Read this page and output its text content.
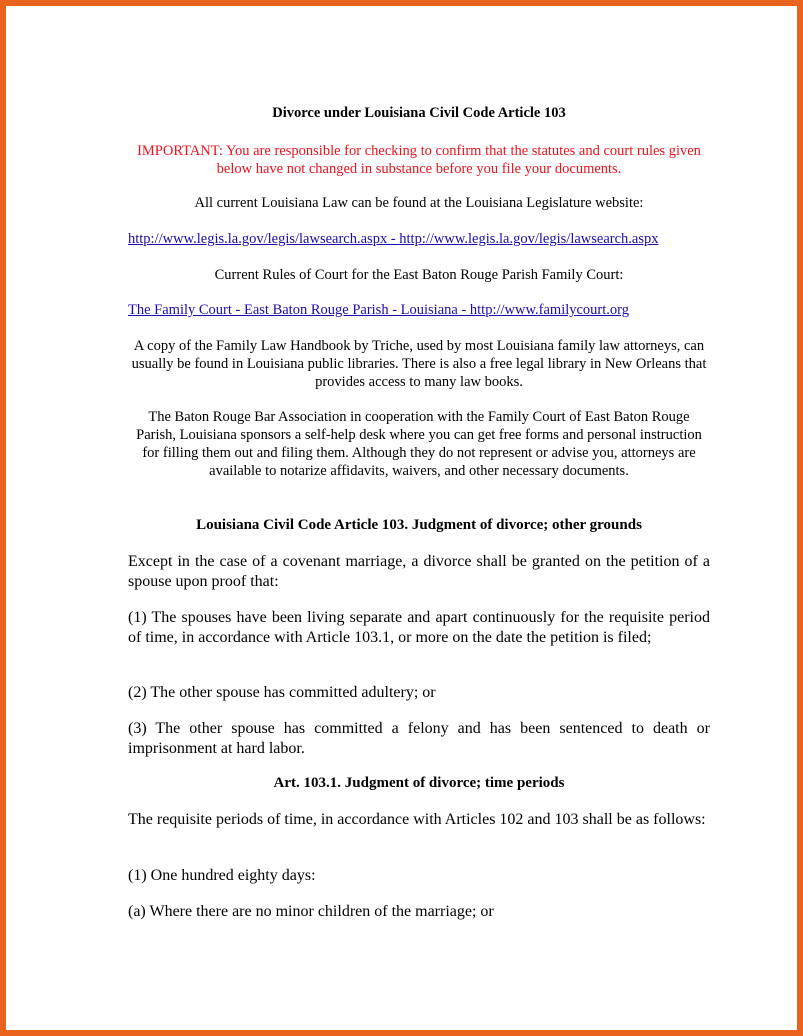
Divorce under Louisiana Civil Code Article 103

IMPORTANT: You are responsible for checking to confirm that the statutes and court rules given below have not changed in substance before you file your documents.

All current Louisiana Law can be found at the Louisiana Legislature website:

http://www.legis.la.gov/legis/lawsearch.aspx - http://www.legis.la.gov/legis/lawsearch.aspx

Current Rules of Court for the East Baton Rouge Parish Family Court:

The Family Court - East Baton Rouge Parish - Louisiana - http://www.familycourt.org

A copy of the Family Law Handbook by Triche, used by most Louisiana family law attorneys, can usually be found in Louisiana public libraries. There is also a free legal library in New Orleans that provides access to many law books.

The Baton Rouge Bar Association in cooperation with the Family Court of East Baton Rouge Parish, Louisiana sponsors a self-help desk where you can get free forms and personal instruction for filling them out and filing them. Although they do not represent or advise you, attorneys are available to notarize affidavits, waivers, and other necessary documents.

Louisiana Civil Code Article 103. Judgment of divorce; other grounds

Except in the case of a covenant marriage, a divorce shall be granted on the petition of a spouse upon proof that:

(1) The spouses have been living separate and apart continuously for the requisite period of time, in accordance with Article 103.1, or more on the date the petition is filed;

(2) The other spouse has committed adultery; or

(3) The other spouse has committed a felony and has been sentenced to death or imprisonment at hard labor.

Art. 103.1. Judgment of divorce; time periods

The requisite periods of time, in accordance with Articles 102 and 103 shall be as follows:

(1) One hundred eighty days:

(a) Where there are no minor children of the marriage; or
